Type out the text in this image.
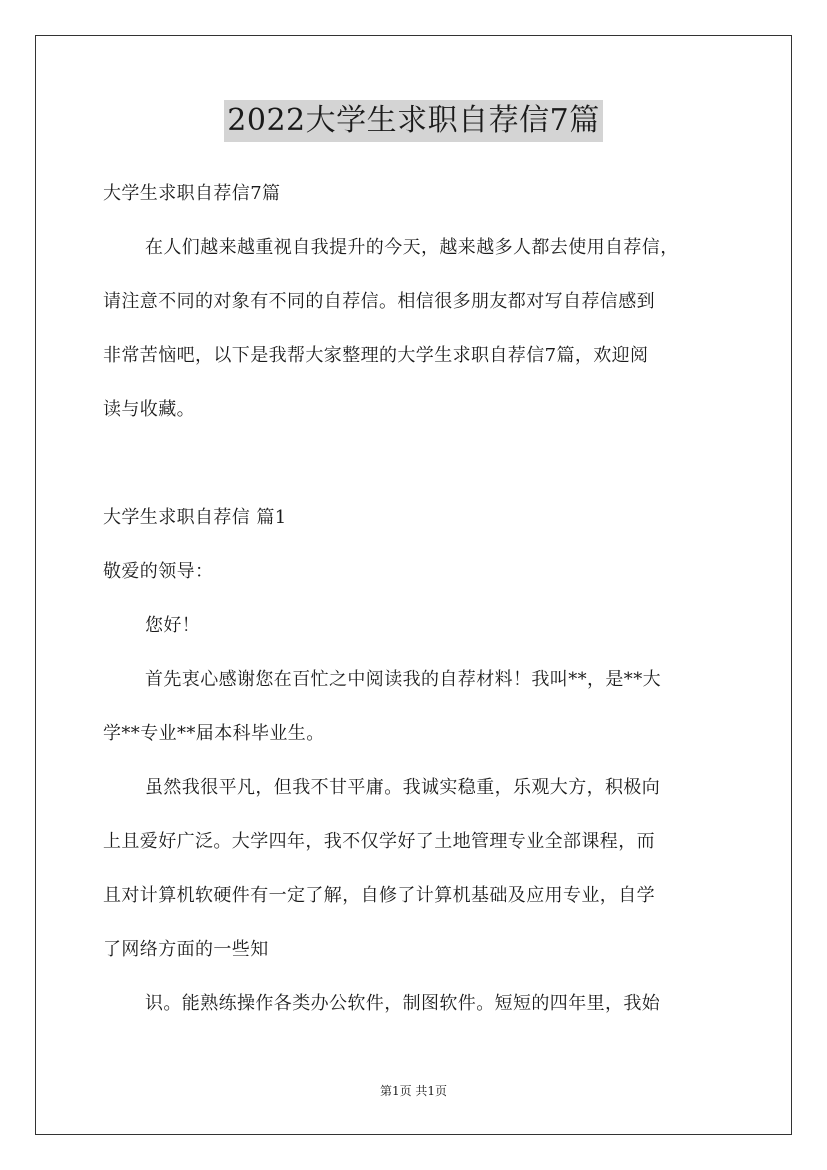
2022大学生求职自荐信7篇
大学生求职自荐信7篇
在人们越来越重视自我提升的今天，越来越多人都去使用自荐信，
请注意不同的对象有不同的自荐信。相信很多朋友都对写自荐信感到
非常苦恼吧，以下是我帮大家整理的大学生求职自荐信7篇，欢迎阅
读与收藏。
大学生求职自荐信 篇1
敬爱的领导：
您好！
首先衷心感谢您在百忙之中阅读我的自荐材料！我叫**，是**大
学**专业**届本科毕业生。
虽然我很平凡，但我不甘平庸。我诚实稳重，乐观大方，积极向
上且爱好广泛。大学四年，我不仅学好了土地管理专业全部课程，而
且对计算机软硬件有一定了解，自修了计算机基础及应用专业，自学
了网络方面的一些知
识。能熟练操作各类办公软件，制图软件。短短的四年里，我始
第1页 共1页
